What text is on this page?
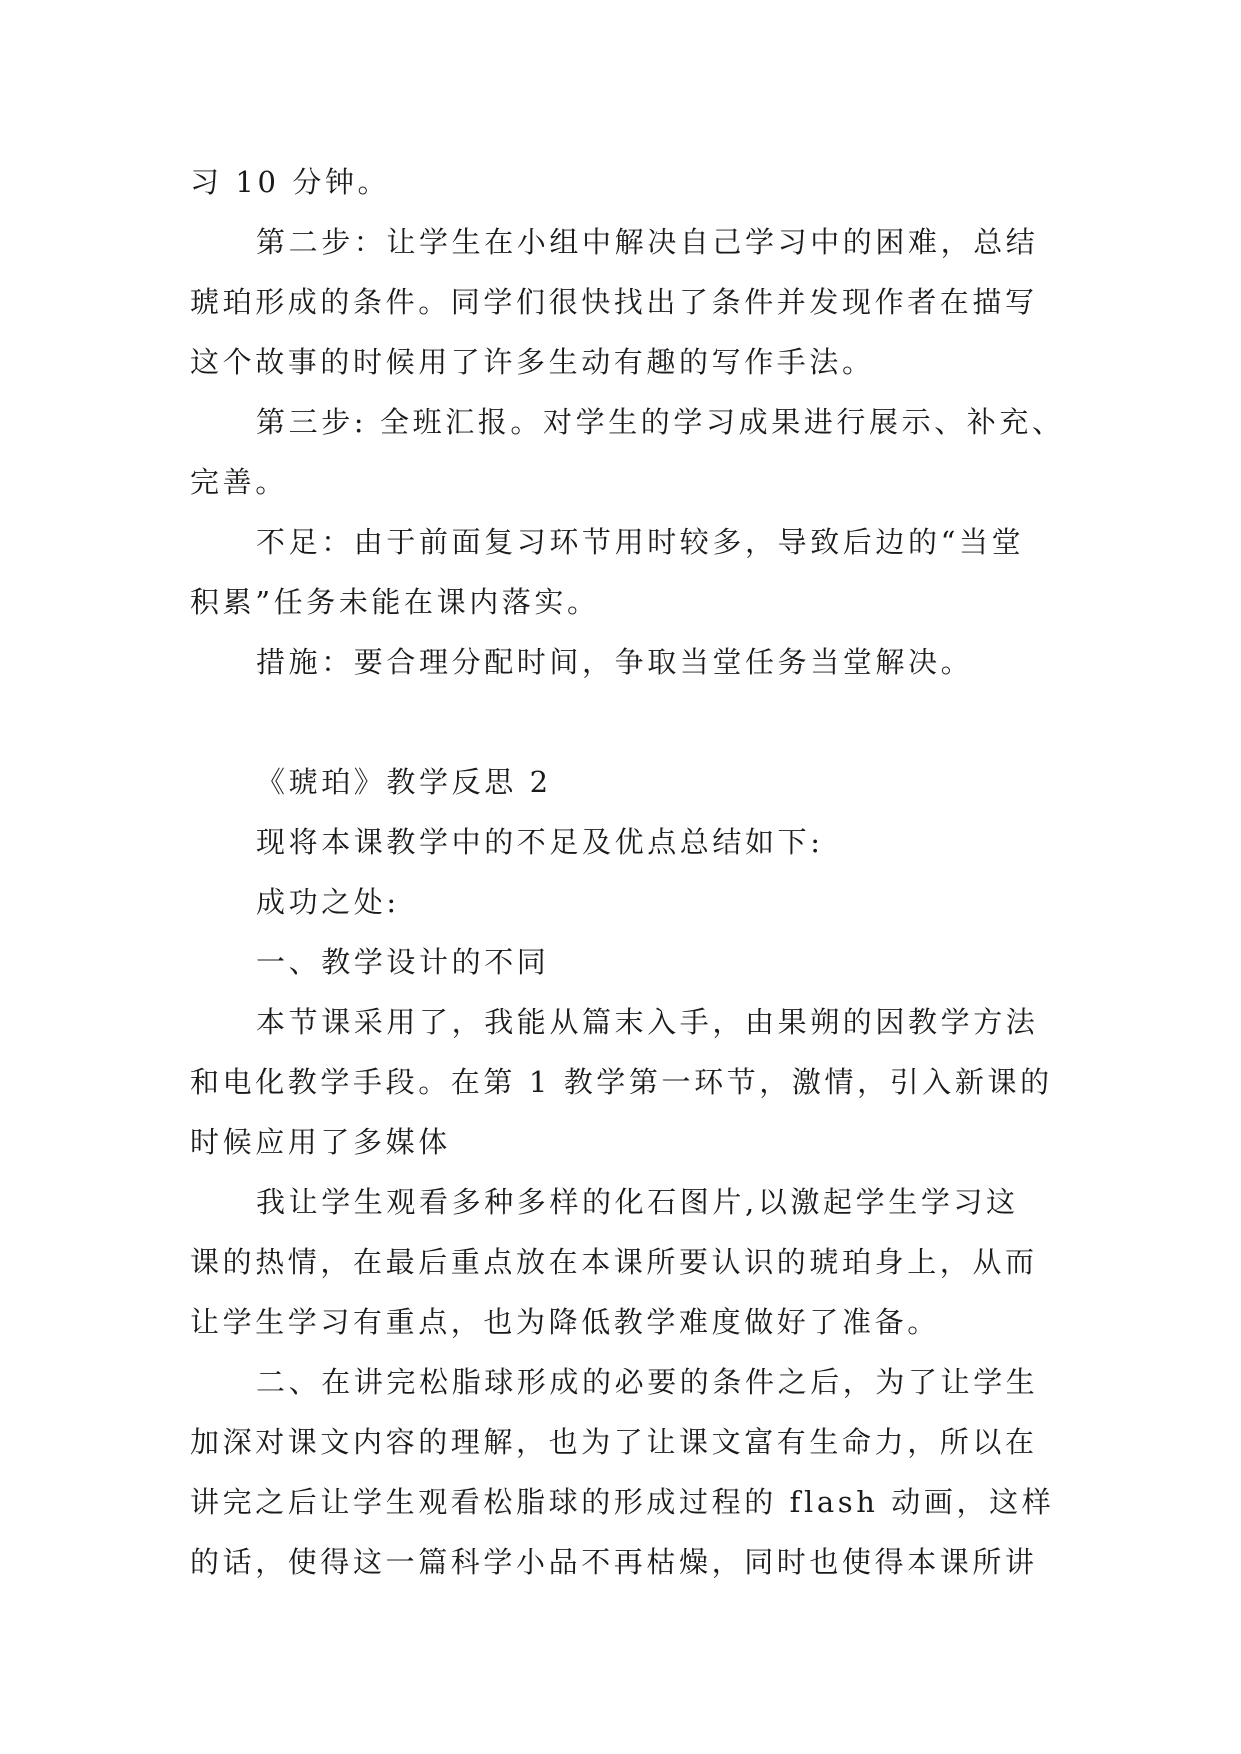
习 10 分钟。

第二步：让学生在小组中解决自己学习中的困难，总结

琥珀形成的条件。同学们很快找出了条件并发现作者在描写

这个故事的时候用了许多生动有趣的写作手法。

第三步: 全班汇报。对学生的学习成果进行展示、补充、

完善。

不足：由于前面复习环节用时较多，导致后边的“当堂

积累”任务未能在课内落实。

措施：要合理分配时间，争取当堂任务当堂解决。

《琥珀》教学反思 2

现将本课教学中的不足及优点总结如下:

成功之处:

一、教学设计的不同

本节课采用了，我能从篇末入手，由果朔的因教学方法

和电化教学手段。在第 1 教学第一环节，激情，引入新课的

时候应用了多媒体

我让学生观看多种多样的化石图片,以激起学生学习这

课的热情，在最后重点放在本课所要认识的琥珀身上，从而

让学生学习有重点，也为降低教学难度做好了准备。

二、在讲完松脂球形成的必要的条件之后，为了让学生

加深对课文内容的理解，也为了让课文富有生命力，所以在

讲完之后让学生观看松脂球的形成过程的 flash 动画，这样

的话，使得这一篇科学小品不再枯燥，同时也使得本课所讲
